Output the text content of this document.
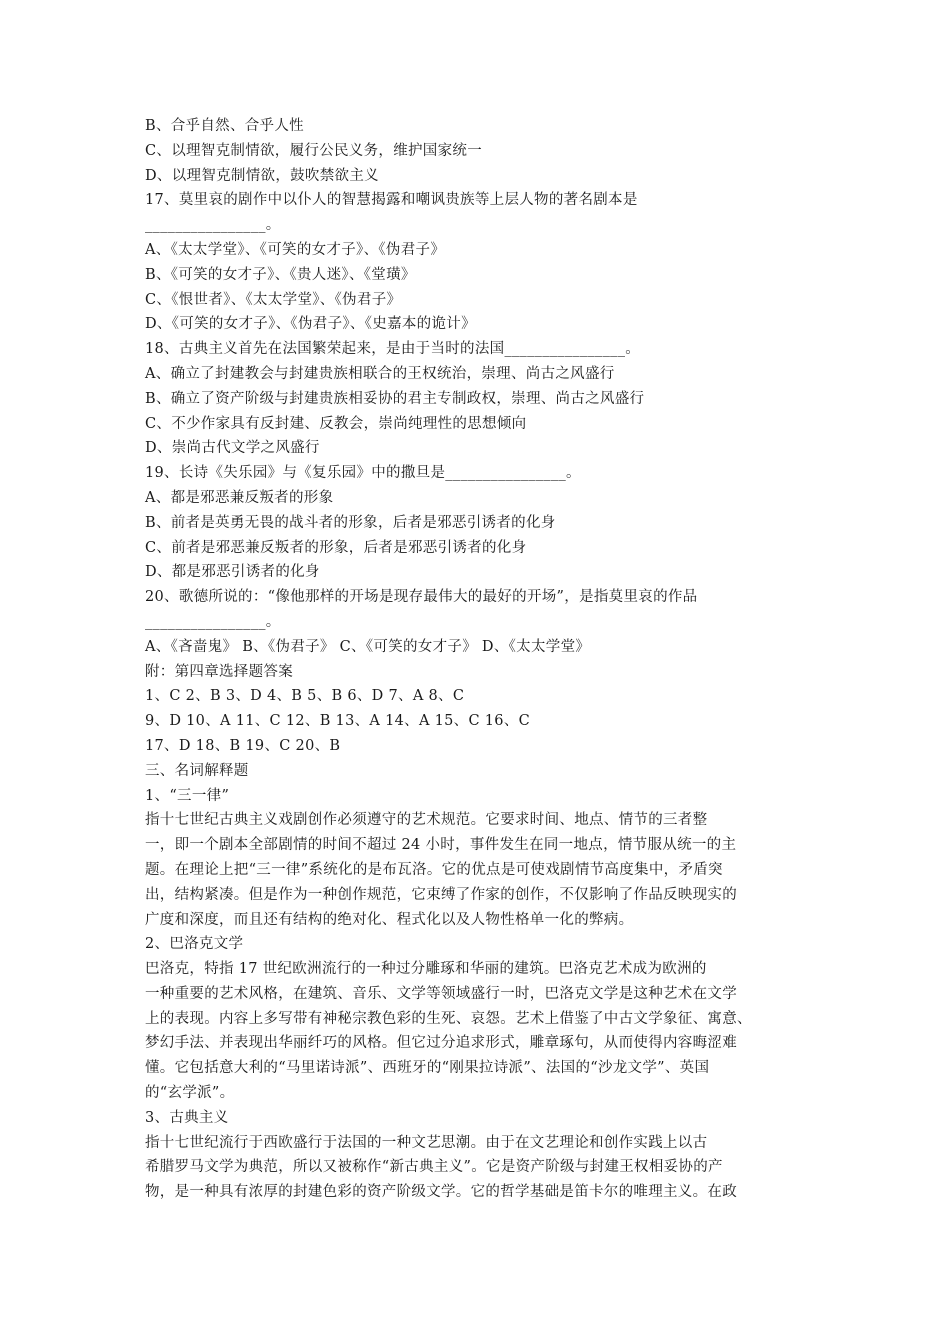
B、合乎自然、合乎人性
C、以理智克制情欲，履行公民义务，维护国家统一
D、以理智克制情欲，鼓吹禁欲主义
17、莫里哀的剧作中以仆人的智慧揭露和嘲讽贵族等上层人物的著名剧本是
________________。
A、《太太学堂》、《可笑的女才子》、《伪君子》
B、《可笑的女才子》、《贵人迷》、《堂璜》
C、《恨世者》、《太太学堂》、《伪君子》
D、《可笑的女才子》、《伪君子》、《史嘉本的诡计》
18、古典主义首先在法国繁荣起来，是由于当时的法国________________。
A、确立了封建教会与封建贵族相联合的王权统治，崇理、尚古之风盛行
B、确立了资产阶级与封建贵族相妥协的君主专制政权，崇理、尚古之风盛行
C、不少作家具有反封建、反教会，崇尚纯理性的思想倾向
D、崇尚古代文学之风盛行
19、长诗《失乐园》与《复乐园》中的撒旦是________________。
A、都是邪恶兼反叛者的形象
B、前者是英勇无畏的战斗者的形象，后者是邪恶引诱者的化身
C、前者是邪恶兼反叛者的形象，后者是邪恶引诱者的化身
D、都是邪恶引诱者的化身
20、歌德所说的：“像他那样的开场是现存最伟大的最好的开场”，是指莫里哀的作品
________________。
A、《吝啬鬼》 B、《伪君子》 C、《可笑的女才子》 D、《太太学堂》
附：第四章选择题答案
1、C 2、B 3、D 4、B 5、B 6、D 7、A 8、C
9、D 10、A 11、C 12、B 13、A 14、A 15、C 16、C
17、D 18、B 19、C 20、B
三、名词解释题
1、“三一律”
指十七世纪古典主义戏剧创作必须遵守的艺术规范。它要求时间、地点、情节的三者整
一，即一个剧本全部剧情的时间不超过 24 小时，事件发生在同一地点，情节服从统一的主
题。在理论上把“三一律”系统化的是布瓦洛。它的优点是可使戏剧情节高度集中，矛盾突
出，结构紧凑。但是作为一种创作规范，它束缚了作家的创作，不仅影响了作品反映现实的
广度和深度，而且还有结构的绝对化、程式化以及人物性格单一化的弊病。
2、巴洛克文学
巴洛克，特指 17 世纪欧洲流行的一种过分雕琢和华丽的建筑。巴洛克艺术成为欧洲的
一种重要的艺术风格，在建筑、音乐、文学等领域盛行一时，巴洛克文学是这种艺术在文学
上的表现。内容上多写带有神秘宗教色彩的生死、哀怨。艺术上借鉴了中古文学象征、寓意、
梦幻手法、并表现出华丽纤巧的风格。但它过分追求形式，雕章琢句，从而使得内容晦涩难
懂。它包括意大利的“马里诺诗派”、西班牙的“刚果拉诗派”、法国的“沙龙文学”、英国
的“玄学派”。
3、古典主义
指十七世纪流行于西欧盛行于法国的一种文艺思潮。由于在文艺理论和创作实践上以古
希腊罗马文学为典范，所以又被称作“新古典主义”。它是资产阶级与封建王权相妥协的产
物，是一种具有浓厚的封建色彩的资产阶级文学。它的哲学基础是笛卡尔的唯理主义。在政
